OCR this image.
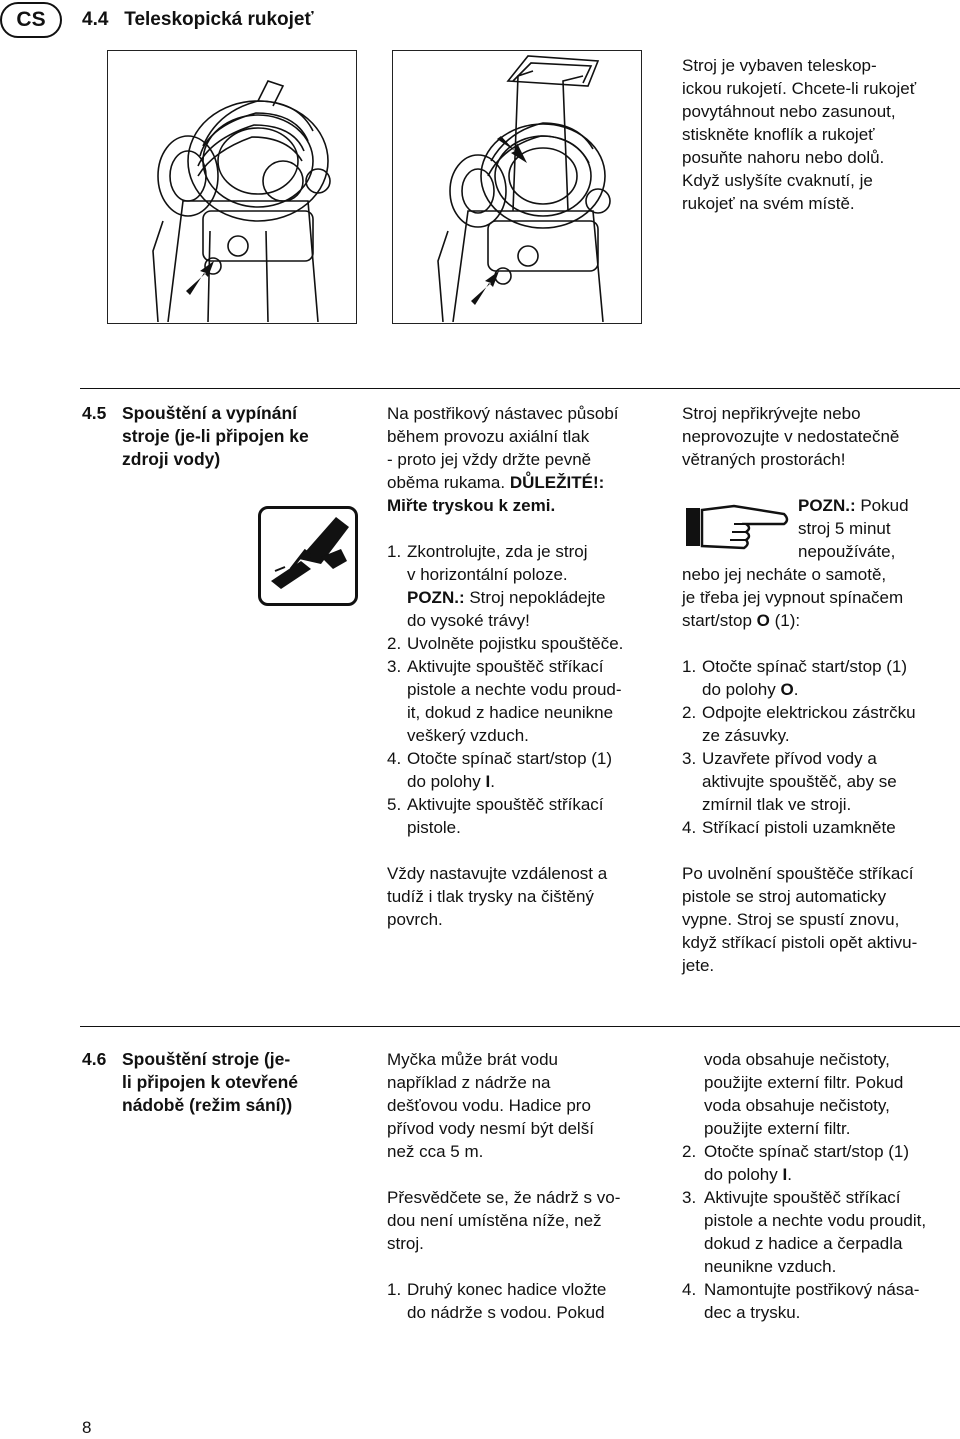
CS	4.4 Teleskopická rukojeť

Stroj je vybaven teleskop-

ickou rukojetí. Chcete-li rukojeť

povytáhnout nebo zasunout,

stiskněte knoflík a rukojeť

posuňte nahoru nebo dolů.

Když uslyšíte cvaknutí, je

rukojeť na svém místě.

4.5 Spouštění a vypínání

stroje (je-li připojen ke

zdroji vody)

Na postřikový nástavec působí

během provozu axiální tlak

- proto jej vždy držte pevně

oběma rukama. DŮLEŽITÉ!:

Miřte tryskou k zemi.

1. Zkontrolujte, zda je stroj

v horizontální poloze.

POZN.: Stroj nepokládejte

do vysoké trávy!

2. Uvolněte pojistku spouštěče.

3. Aktivujte spouštěč stříkací

pistole a nechte vodu proud-

it, dokud z hadice neunikne

veškerý vzduch.

4. Otočte spínač start/stop (1)

do polohy I.

5. Aktivujte spouštěč stříkací

pistole.

Vždy nastavujte vzdálenost a

tudíž i tlak trysky na čištěný

povrch.

Stroj nepřikrývejte nebo

neprovozujte v nedostatečně

větraných prostorách!

POZN.: Pokud

stroj 5 minut

nepoužíváte,

nebo jej necháte o samotě,

je třeba jej vypnout spínačem

start/stop O (1):

1. Otočte spínač start/stop (1)

do polohy O.

2. Odpojte elektrickou zástrčku

ze zásuvky.

3. Uzavřete přívod vody a

aktivujte spouštěč, aby se

zmírnil tlak ve stroji.

4. Stříkací pistoli uzamkněte

Po uvolnění spouštěče stříkací

pistole se stroj automaticky

vypne. Stroj se spustí znovu,

když stříkací pistoli opět aktivu-

jete.

4.6 Spouštění stroje (je-

li připojen k otevřené

nádobě (režim sání))

Myčka může brát vodu

například z nádrže na

dešťovou vodu. Hadice pro

přívod vody nesmí být delší

než cca 5 m.

Přesvědčete se, že nádrž s vo-

dou není umístěna níže, než

stroj.

1. Druhý konec hadice vložte

do nádrže s vodou. Pokud

voda obsahuje nečistoty,

použijte externí filtr. Pokud

voda obsahuje nečistoty,

použijte externí filtr.

2. Otočte spínač start/stop (1)

do polohy I.

3. Aktivujte spouštěč stříkací

pistole a nechte vodu proudit,

dokud z hadice a čerpadla

neunikne vzduch.

4. Namontujte postřikový nása-

dec a trysku.

8
